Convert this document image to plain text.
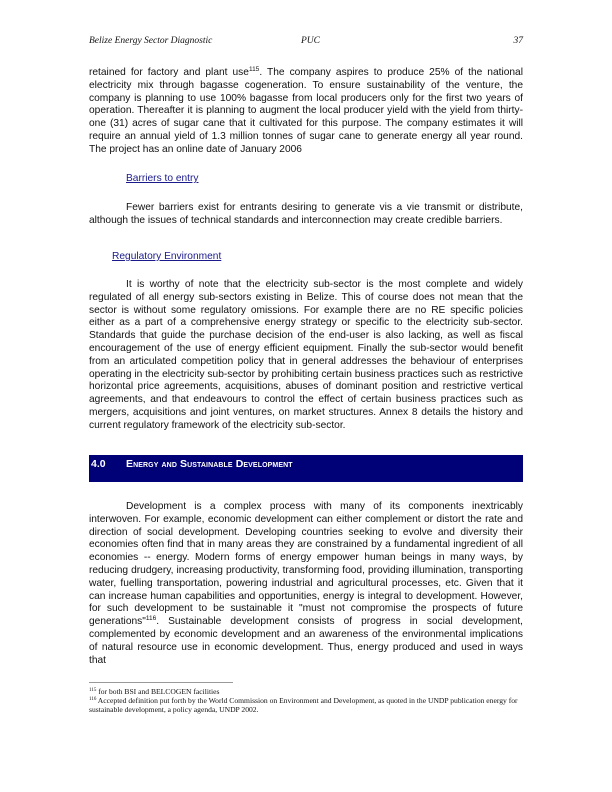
Belize Energy Sector Diagnostic	PUC	37

retained for factory and plant use$^{115}$. The company aspires to produce 25% of the national electricity mix through bagasse cogeneration. To ensure sustainability of the venture, the company is planning to use 100% bagasse from local producers only for the first two years of operation. Thereafter it is planning to augment the local producer yield with the yield from thirty-one (31) acres of sugar cane that it cultivated for this purpose. The company estimates it will require an annual yield of 1.3 million tonnes of sugar cane to generate energy all year round. The project has an online date of January 2006

Barriers to entry

Fewer barriers exist for entrants desiring to generate vis a vie transmit or distribute, although the issues of technical standards and interconnection may create credible barriers.

Regulatory Environment

It is worthy of note that the electricity sub-sector is the most complete and widely regulated of all energy sub-sectors existing in Belize. This of course does not mean that the sector is without some regulatory omissions. For example there are no RE specific policies either as a part of a comprehensive energy strategy or specific to the electricity sub-sector. Standards that guide the purchase decision of the end-user is also lacking, as well as fiscal encouragement of the use of energy efficient equipment. Finally the sub-sector would benefit from an articulated competition policy that in general addresses the behaviour of enterprises operating in the electricity sub-sector by prohibiting certain business practices such as restrictive horizontal price agreements, acquisitions, abuses of dominant position and restrictive vertical agreements, and that endeavours to control the effect of certain business practices such as mergers, acquisitions and joint ventures, on market structures. Annex 8 details the history and current regulatory framework of the electricity sub-sector.

4.0 Energy and Sustainable Development

Development is a complex process with many of its components inextricably interwoven. For example, economic development can either complement or distort the rate and direction of social development. Developing countries seeking to evolve and diversity their economies often find that in many areas they are constrained by a fundamental ingredient of all economies -- energy. Modern forms of energy empower human beings in many ways, by reducing drudgery, increasing productivity, transforming food, providing illumination, transporting water, fuelling transportation, powering industrial and agricultural processes, etc. Given that it can increase human capabilities and opportunities, energy is integral to development. However, for such development to be sustainable it "must not compromise the prospects of future generations"$^{116}$. Sustainable development consists of progress in social development, complemented by economic development and an awareness of the environmental implications of natural resource use in economic development. Thus, energy produced and used in ways that

$^{115}$ for both BSI and BELCOGEN facilities

$^{116}$ Accepted definition put forth by the World Commission on Environment and Development, as quoted in the UNDP publication energy for sustainable development, a policy agenda, UNDP 2002.
